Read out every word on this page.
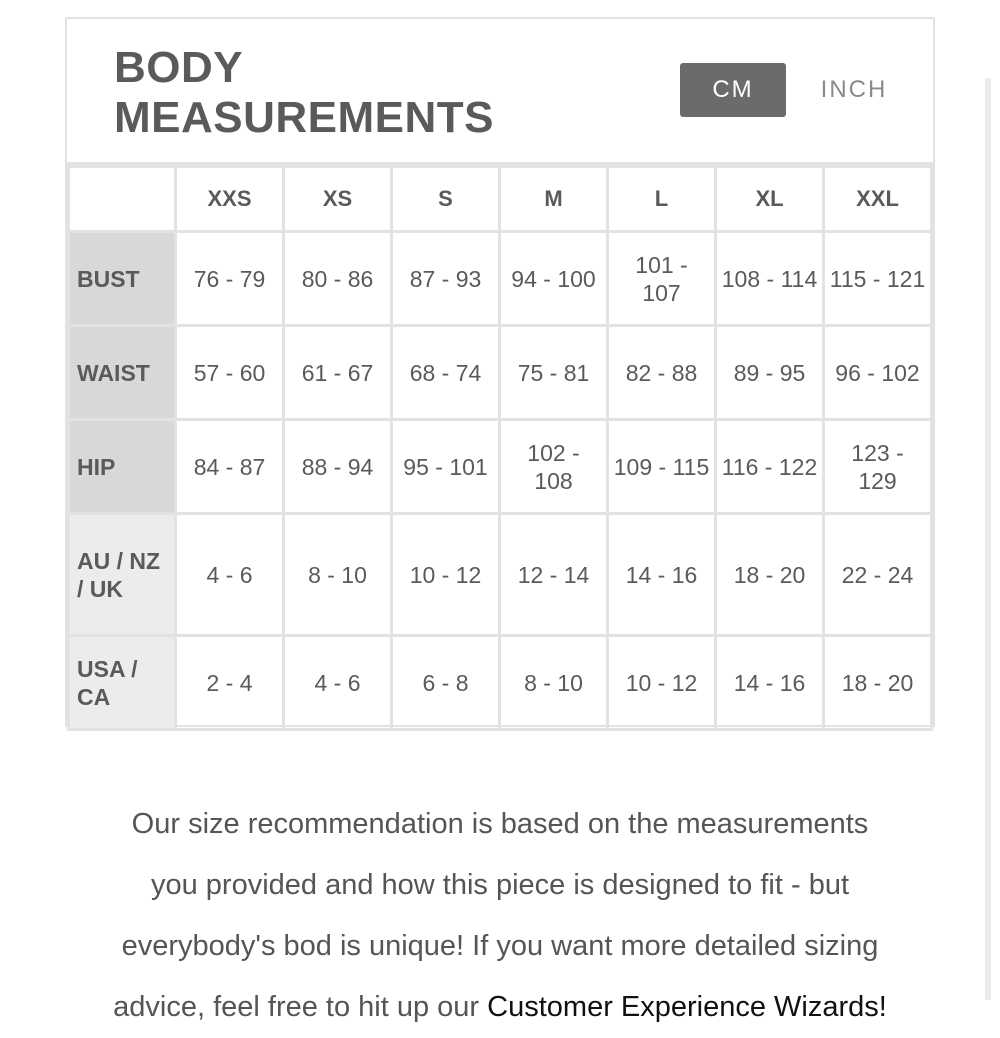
BODY
MEASUREMENTS
CM	INCH
	XXS	XS	S	M	L	XL	XXL
BUST	76 - 79	80 - 86	87 - 93	94 - 100	101 - 107	108 - 114	115 - 121
WAIST	57 - 60	61 - 67	68 - 74	75 - 81	82 - 88	89 - 95	96 - 102
HIP	84 - 87	88 - 94	95 - 101	102 - 108	109 - 115	116 - 122	123 - 129
AU / NZ / UK	4 - 6	8 - 10	10 - 12	12 - 14	14 - 16	18 - 20	22 - 24
USA / CA	2 - 4	4 - 6	6 - 8	8 - 10	10 - 12	14 - 16	18 - 20

Our size recommendation is based on the measurements
you provided and how this piece is designed to fit - but
everybody's bod is unique! If you want more detailed sizing
advice, feel free to hit up our Customer Experience Wizards!
